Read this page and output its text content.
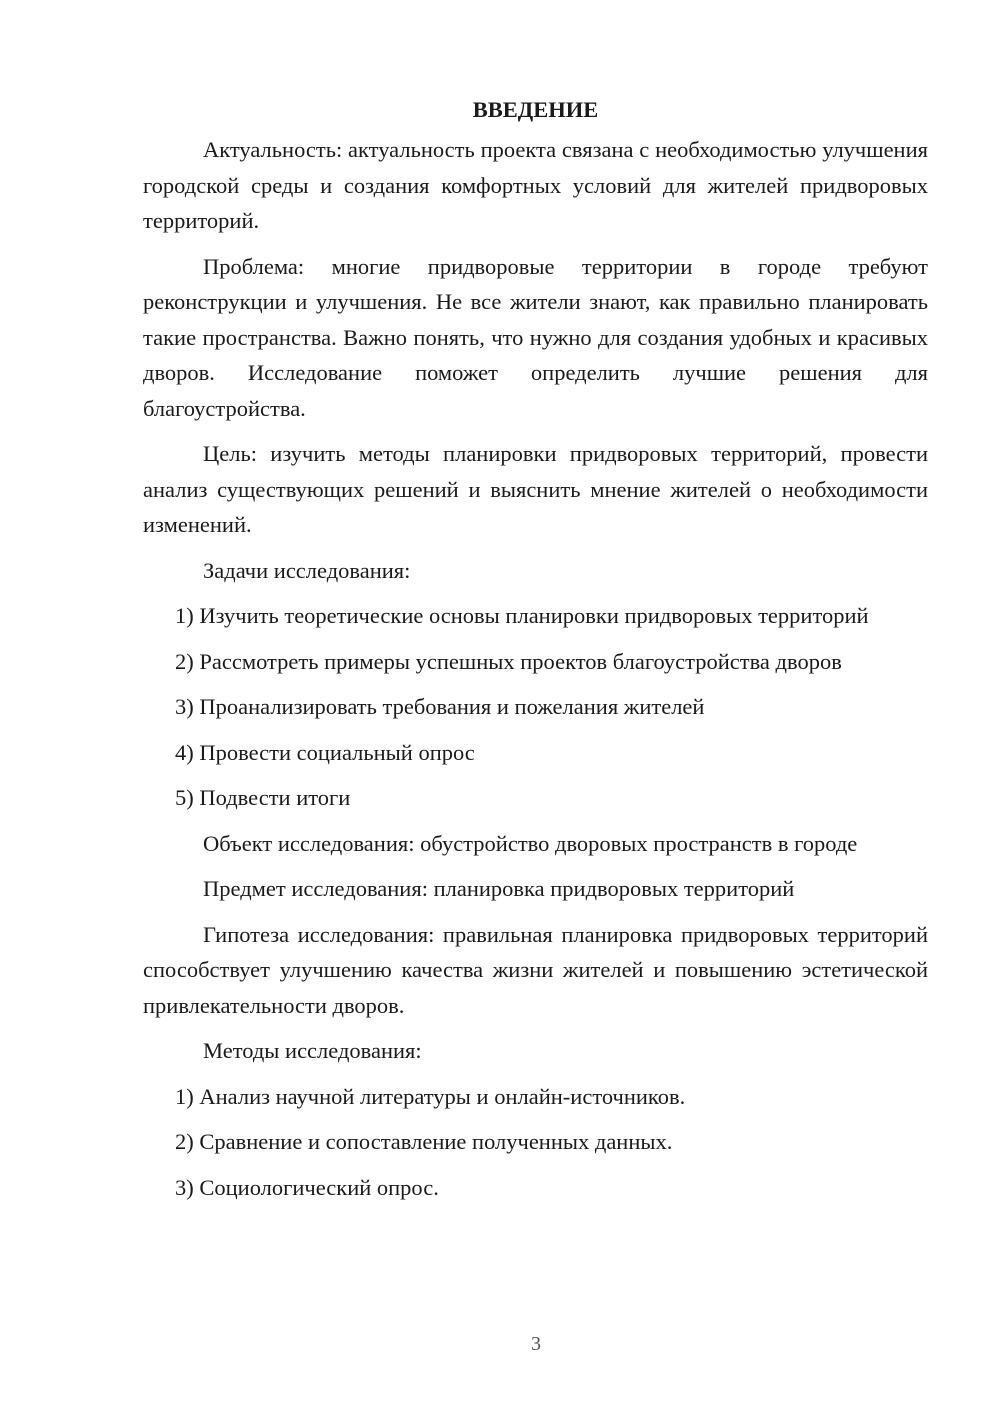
ВВЕДЕНИЕ

Актуальность: актуальность проекта связана с необходимостью улучшения городской среды и создания комфортных условий для жителей придворовых территорий.

Проблема: многие придворовые территории в городе требуют реконструкции и улучшения. Не все жители знают, как правильно планировать такие пространства. Важно понять, что нужно для создания удобных и красивых дворов. Исследование поможет определить лучшие решения для благоустройства.

Цель: изучить методы планировки придворовых территорий, провести анализ существующих решений и выяснить мнение жителей о необходимости изменений.

Задачи исследования:

1) Изучить теоретические основы планировки придворовых территорий

2) Рассмотреть примеры успешных проектов благоустройства дворов

3) Проанализировать требования и пожелания жителей

4) Провести социальный опрос

5) Подвести итоги

Объект исследования: обустройство дворовых пространств в городе

Предмет исследования: планировка придворовых территорий

Гипотеза исследования: правильная планировка придворовых территорий способствует улучшению качества жизни жителей и повышению эстетической привлекательности дворов.

Методы исследования:

1) Анализ научной литературы и онлайн-источников.

2) Сравнение и сопоставление полученных данных.

3) Социологический опрос.

3
